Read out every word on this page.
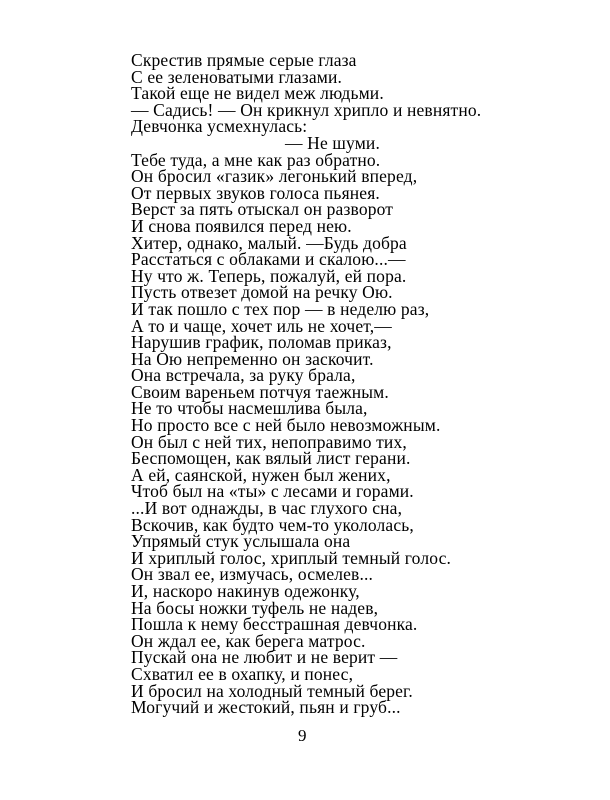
Скрестив прямые серые глаза
С ее зеленоватыми глазами.
Такой еще не видел меж людьми.
— Садись! — Он крикнул хрипло и невнятно.
Девчонка усмехнулась:
— Не шуми.
Тебе туда, а мне как раз обратно.
Он бросил «газик» легонький вперед,
От первых звуков голоса пьянея.
Верст за пять отыскал он разворот
И снова появился перед нею.
Хитер, однако, малый. —Будь добра
Расстаться с облаками и скалою...—
Ну что ж. Теперь, пожалуй, ей пора.
Пусть отвезет домой на речку Ою.
И так пошло с тех пор — в неделю раз,
А то и чаще, хочет иль не хочет,—
Нарушив график, поломав приказ,
На Ою непременно он заскочит.
Она встречала, за руку брала,
Своим вареньем потчуя таежным.
Не то чтобы насмешлива была,
Но просто все с ней было невозможным.
Он был с ней тих, непоправимо тих,
Беспомощен, как вялый лист герани.
А ей, саянской, нужен был жених,
Чтоб был на «ты» с лесами и горами.
...И вот однажды, в час глухого сна,
Вскочив, как будто чем-то укололась,
Упрямый стук услышала она
И хриплый голос, хриплый темный голос.
Он звал ее, измучась, осмелев...
И, наскоро накинув одежонку,
На босы ножки туфель не надев,
Пошла к нему бесстрашная девчонка.
Он ждал ее, как берега матрос.
Пускай она не любит и не верит —
Схватил ее в охапку, и понес,
И бросил на холодный темный берег.
Могучий и жестокий, пьян и груб...
9
